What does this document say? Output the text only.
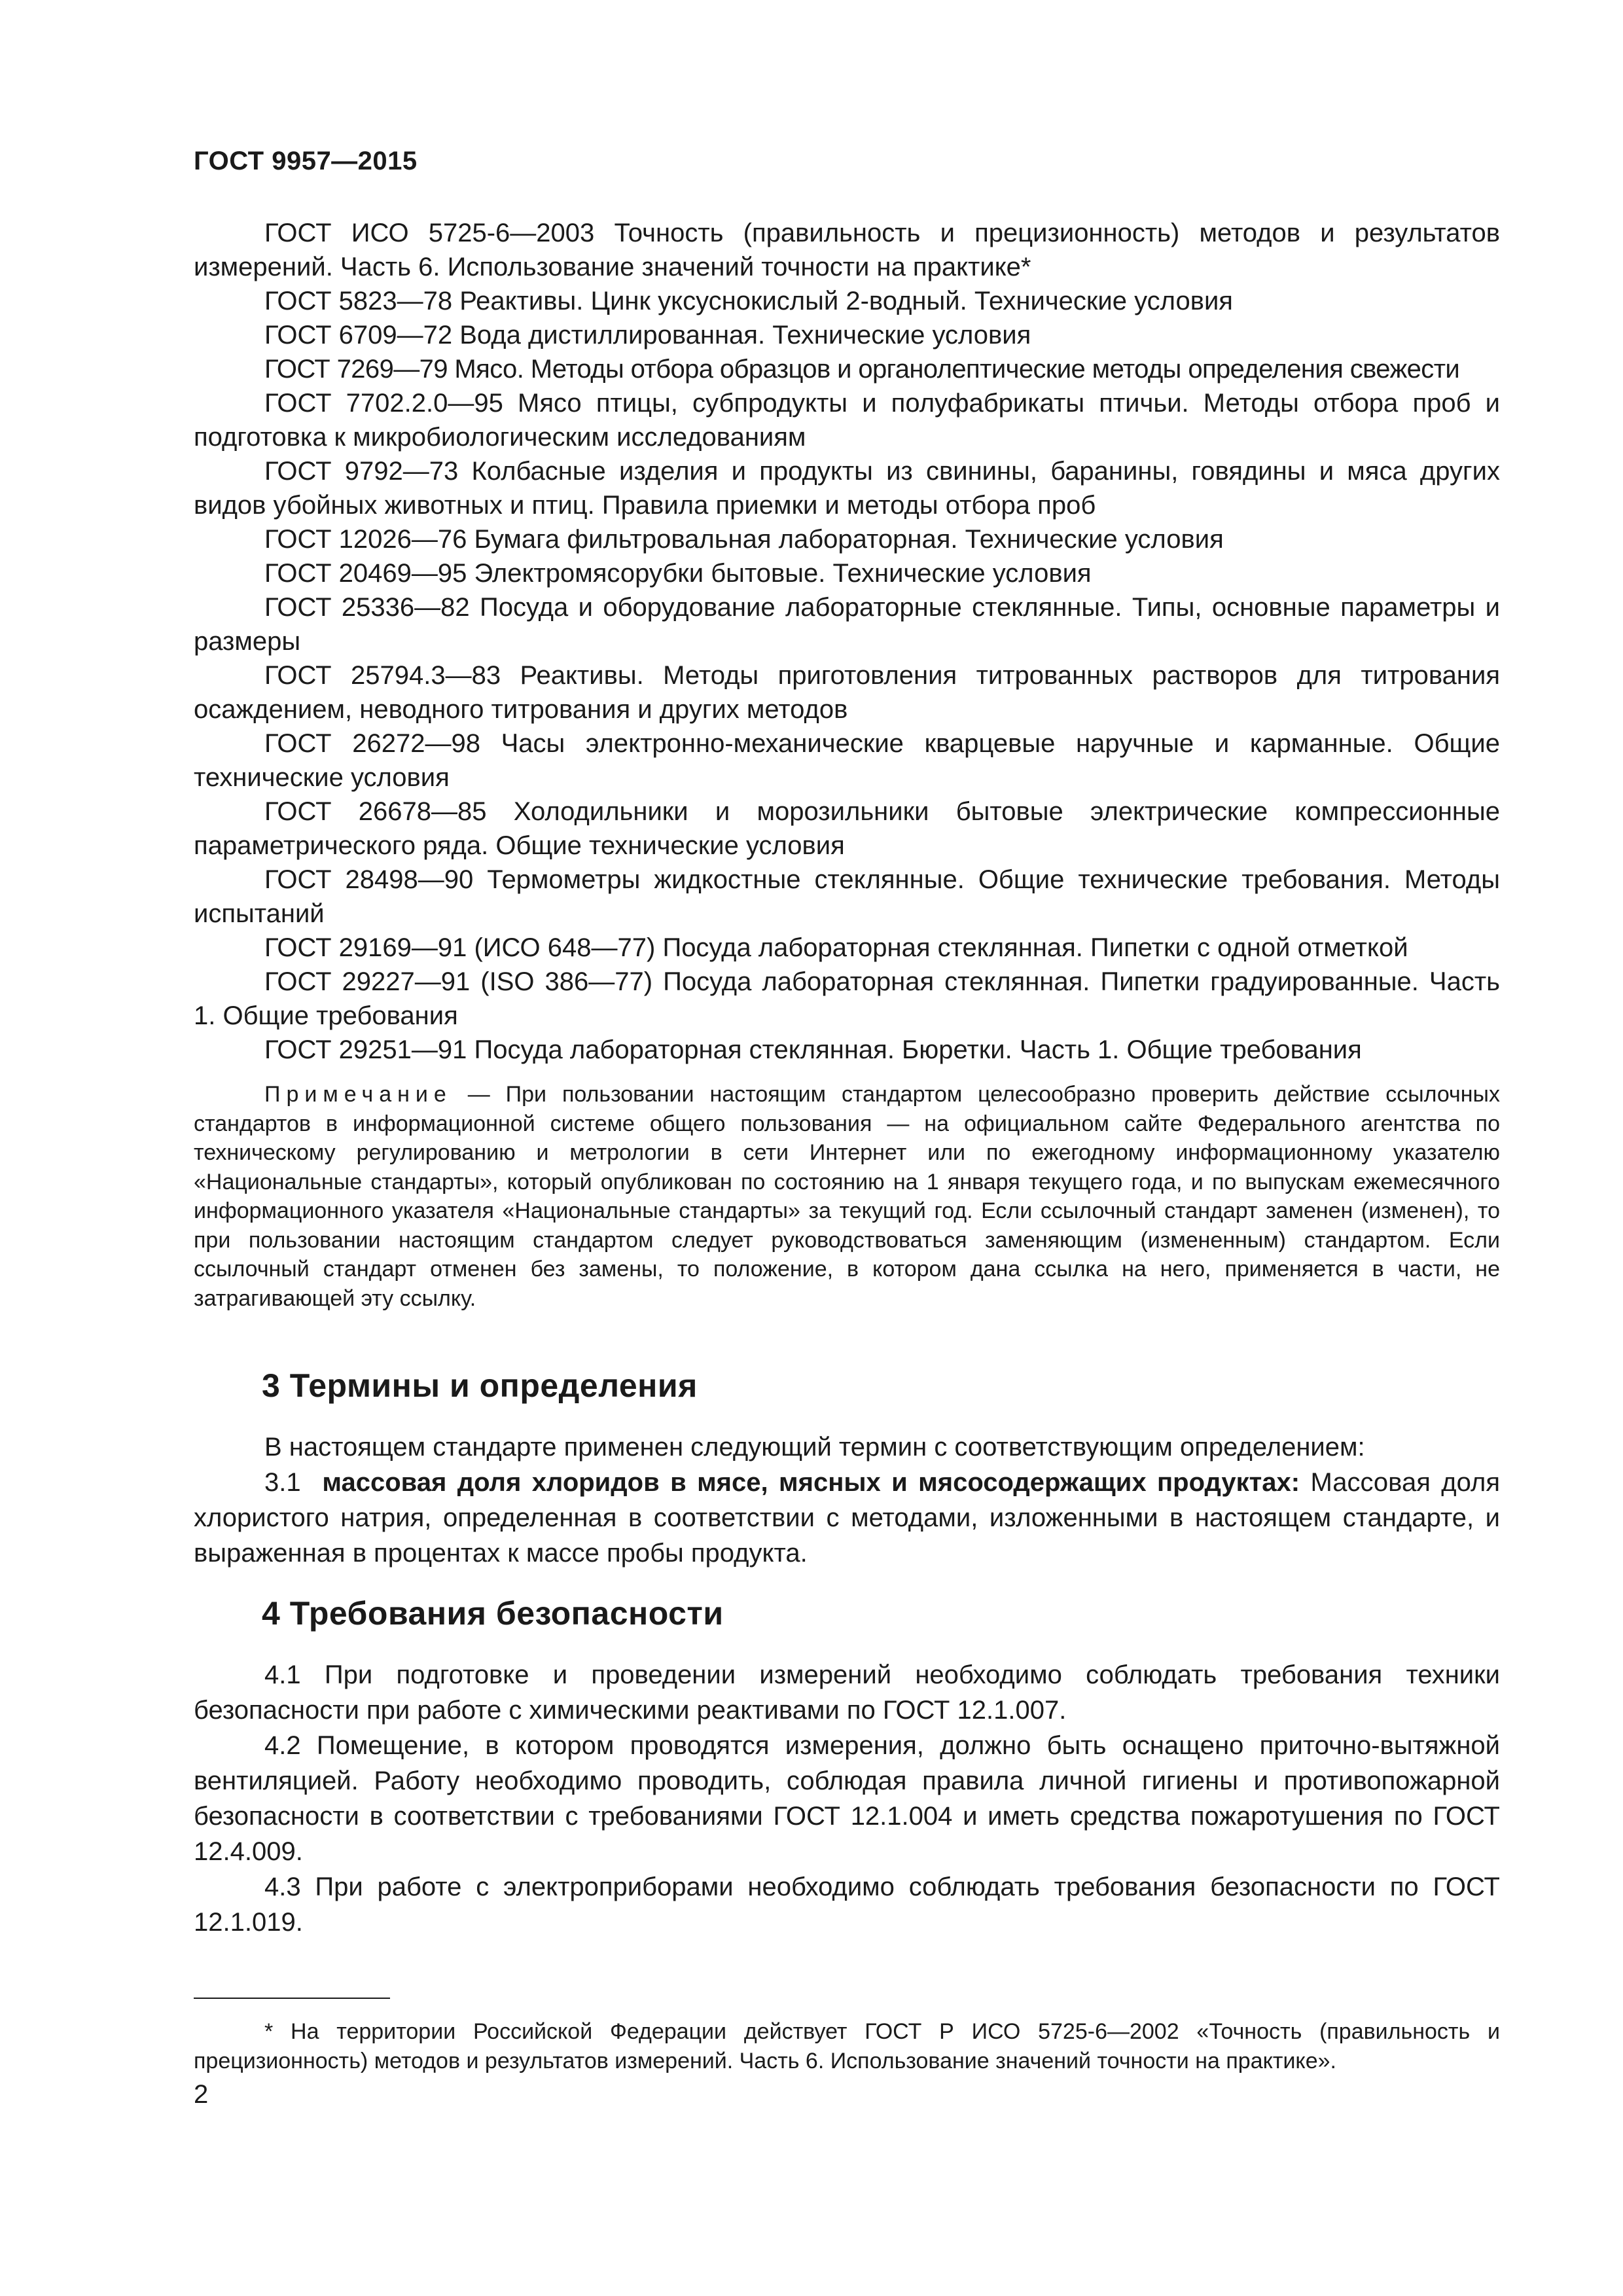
ГОСТ 9957—2015

ГОСТ ИСО 5725-6—2003 Точность (правильность и прецизионность) методов и результатов измерений. Часть 6. Использование значений точности на практике*

ГОСТ 5823—78 Реактивы. Цинк уксуснокислый 2-водный. Технические условия

ГОСТ 6709—72 Вода дистиллированная. Технические условия

ГОСТ 7269—79 Мясо. Методы отбора образцов и органолептические методы определения свежести

ГОСТ 7702.2.0—95 Мясо птицы, субпродукты и полуфабрикаты птичьи. Методы отбора проб и подготовка к микробиологическим исследованиям

ГОСТ 9792—73 Колбасные изделия и продукты из свинины, баранины, говядины и мяса других видов убойных животных и птиц. Правила приемки и методы отбора проб

ГОСТ 12026—76 Бумага фильтровальная лабораторная. Технические условия

ГОСТ 20469—95 Электромясорубки бытовые. Технические условия

ГОСТ 25336—82 Посуда и оборудование лабораторные стеклянные. Типы, основные параметры и размеры

ГОСТ 25794.3—83 Реактивы. Методы приготовления титрованных растворов для титрования осаждением, неводного титрования и других методов

ГОСТ 26272—98 Часы электронно-механические кварцевые наручные и карманные. Общие технические условия

ГОСТ 26678—85 Холодильники и морозильники бытовые электрические компрессионные параметрического ряда. Общие технические условия

ГОСТ 28498—90 Термометры жидкостные стеклянные. Общие технические требования. Методы испытаний

ГОСТ 29169—91 (ИСО 648—77) Посуда лабораторная стеклянная. Пипетки с одной отметкой

ГОСТ 29227—91 (ISO 386—77) Посуда лабораторная стеклянная. Пипетки градуированные. Часть 1. Общие требования

ГОСТ 29251—91 Посуда лабораторная стеклянная. Бюретки. Часть 1. Общие требования

Примечание — При пользовании настоящим стандартом целесообразно проверить действие ссылочных стандартов в информационной системе общего пользования — на официальном сайте Федерального агентства по техническому регулированию и метрологии в сети Интернет или по ежегодному информационному указателю «Национальные стандарты», который опубликован по состоянию на 1 января текущего года, и по выпускам ежемесячного информационного указателя «Национальные стандарты» за текущий год. Если ссылочный стандарт заменен (изменен), то при пользовании настоящим стандартом следует руководствоваться заменяющим (измененным) стандартом. Если ссылочный стандарт отменен без замены, то положение, в котором дана ссылка на него, применяется в части, не затрагивающей эту ссылку.

3 Термины и определения

В настоящем стандарте применен следующий термин с соответствующим определением:

3.1 массовая доля хлоридов в мясе, мясных и мясосодержащих продуктах: Массовая доля хлористого натрия, определенная в соответствии с методами, изложенными в настоящем стандарте, и выраженная в процентах к массе пробы продукта.

4 Требования безопасности

4.1 При подготовке и проведении измерений необходимо соблюдать требования техники безопасности при работе с химическими реактивами по ГОСТ 12.1.007.

4.2 Помещение, в котором проводятся измерения, должно быть оснащено приточно-вытяжной вентиляцией. Работу необходимо проводить, соблюдая правила личной гигиены и противопожарной безопасности в соответствии с требованиями ГОСТ 12.1.004 и иметь средства пожаротушения по ГОСТ 12.4.009.

4.3 При работе с электроприборами необходимо соблюдать требования безопасности по ГОСТ 12.1.019.

* На территории Российской Федерации действует ГОСТ Р ИСО 5725-6—2002 «Точность (правильность и прецизионность) методов и результатов измерений. Часть 6. Использование значений точности на практике».

2
